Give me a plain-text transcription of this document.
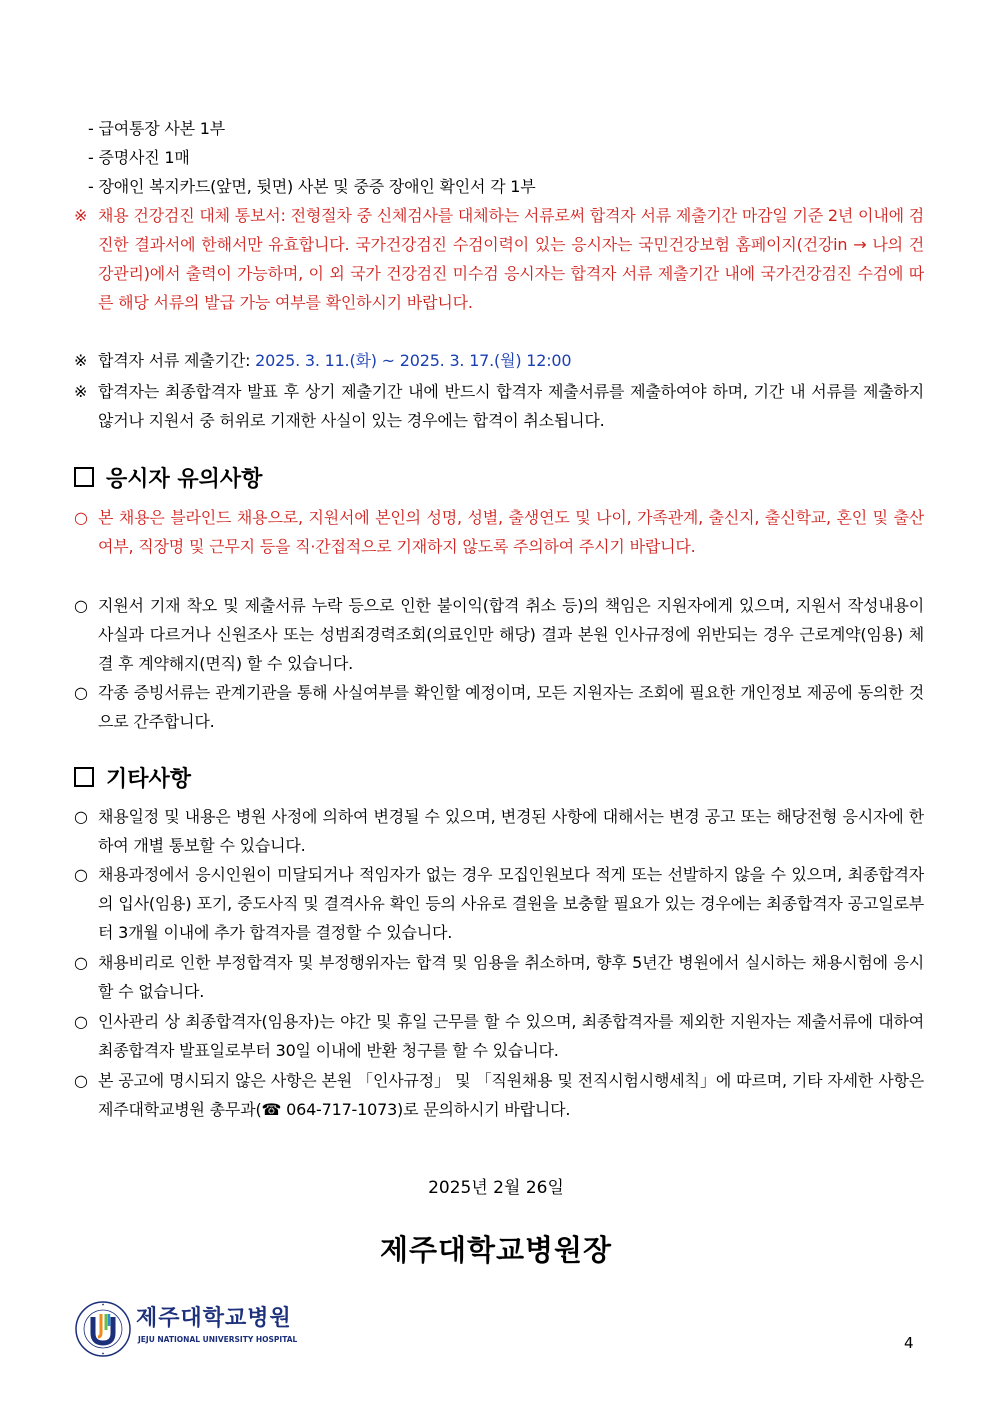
- 급여통장 사본 1부
- 증명사진 1매
- 장애인 복지카드(앞면, 뒷면) 사본 및 중증 장애인 확인서 각 1부
※ 채용 건강검진 대체 통보서: 전형절차 중 신체검사를 대체하는 서류로써 합격자 서류 제출기간 마감일 기준 2년 이내에 검진한 결과서에 한해서만 유효합니다. 국가건강검진 수검이력이 있는 응시자는 국민건강보험 홈페이지(건강in → 나의 건강관리)에서 출력이 가능하며, 이 외 국가 건강검진 미수검 응시자는 합격자 서류 제출기간 내에 국가건강검진 수검에 따른 해당 서류의 발급 가능 여부를 확인하시기 바랍니다.
※ 합격자 서류 제출기간: 2025. 3. 11.(화) ~ 2025. 3. 17.(월) 12:00
※ 합격자는 최종합격자 발표 후 상기 제출기간 내에 반드시 합격자 제출서류를 제출하여야 하며, 기간 내 서류를 제출하지 않거나 지원서 중 허위로 기재한 사실이 있는 경우에는 합격이 취소됩니다.
응시자 유의사항
○ 본 채용은 블라인드 채용으로, 지원서에 본인의 성명, 성별, 출생연도 및 나이, 가족관계, 출신지, 출신학교, 혼인 및 출산여부, 직장명 및 근무지 등을 직·간접적으로 기재하지 않도록 주의하여 주시기 바랍니다.
○ 지원서 기재 착오 및 제출서류 누락 등으로 인한 불이익(합격 취소 등)의 책임은 지원자에게 있으며, 지원서 작성내용이 사실과 다르거나 신원조사 또는 성범죄경력조회(의료인만 해당) 결과 본원 인사규정에 위반되는 경우 근로계약(임용) 체결 후 계약해지(면직) 할 수 있습니다.
○ 각종 증빙서류는 관계기관을 통해 사실여부를 확인할 예정이며, 모든 지원자는 조회에 필요한 개인정보 제공에 동의한 것으로 간주합니다.
기타사항
○ 채용일정 및 내용은 병원 사정에 의하여 변경될 수 있으며, 변경된 사항에 대해서는 변경 공고 또는 해당전형 응시자에 한하여 개별 통보할 수 있습니다.
○ 채용과정에서 응시인원이 미달되거나 적임자가 없는 경우 모집인원보다 적게 또는 선발하지 않을 수 있으며, 최종합격자의 입사(임용) 포기, 중도사직 및 결격사유 확인 등의 사유로 결원을 보충할 필요가 있는 경우에는 최종합격자 공고일로부터 3개월 이내에 추가 합격자를 결정할 수 있습니다.
○ 채용비리로 인한 부정합격자 및 부정행위자는 합격 및 임용을 취소하며, 향후 5년간 병원에서 실시하는 채용시험에 응시할 수 없습니다.
○ 인사관리 상 최종합격자(임용자)는 야간 및 휴일 근무를 할 수 있으며, 최종합격자를 제외한 지원자는 제출서류에 대하여 최종합격자 발표일로부터 30일 이내에 반환 청구를 할 수 있습니다.
○ 본 공고에 명시되지 않은 사항은 본원 「인사규정」 및 「직원채용 및 전직시험시행세칙」에 따르며, 기타 자세한 사항은 제주대학교병원 총무과(☎ 064-717-1073)로 문의하시기 바랍니다.
2025년 2월 26일
제주대학교병원장
제주대학교병원
JEJU NATIONAL UNIVERSITY HOSPITAL	4
